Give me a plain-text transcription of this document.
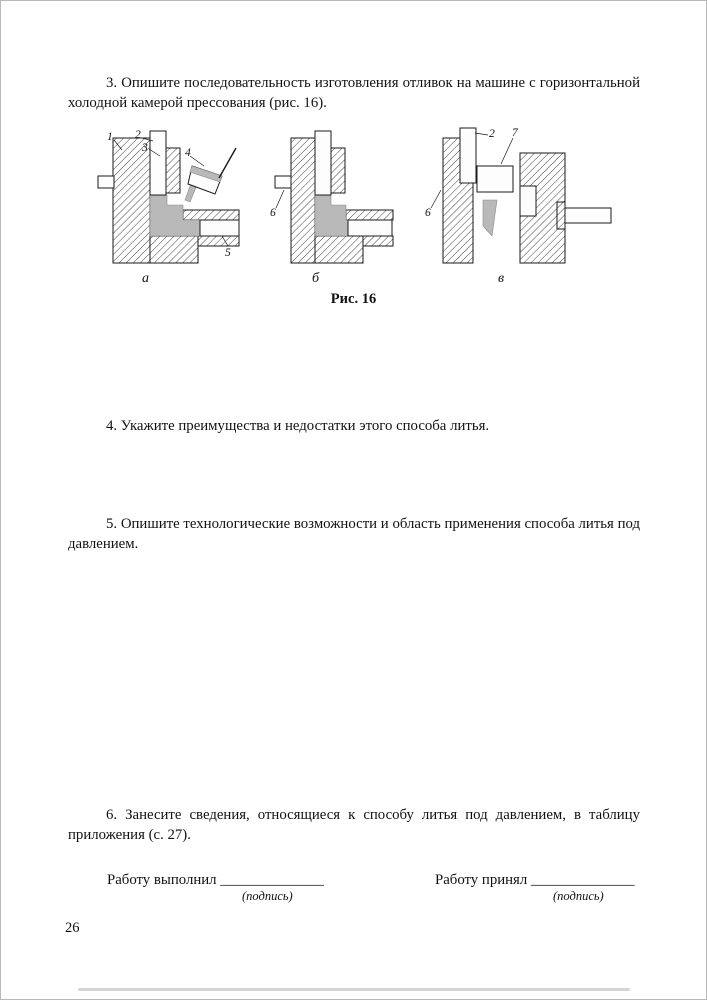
3. Опишите последовательность изготовления отливок на машине с горизонтальной холодной камерой прессования (рис. 16).
1 2
3	4
5
а
6
б
2 7
6
в
Рис. 16
4. Укажите преимущества и недостатки этого способа литья.
5. Опишите технологические возможности и область применения способа литья под давлением.
6. Занесите сведения, относящиеся к способу литья под давлением, в таблицу приложения (с. 27).
Работу выполнил ______________
(подпись)
Работу принял ______________
(подпись)
26
